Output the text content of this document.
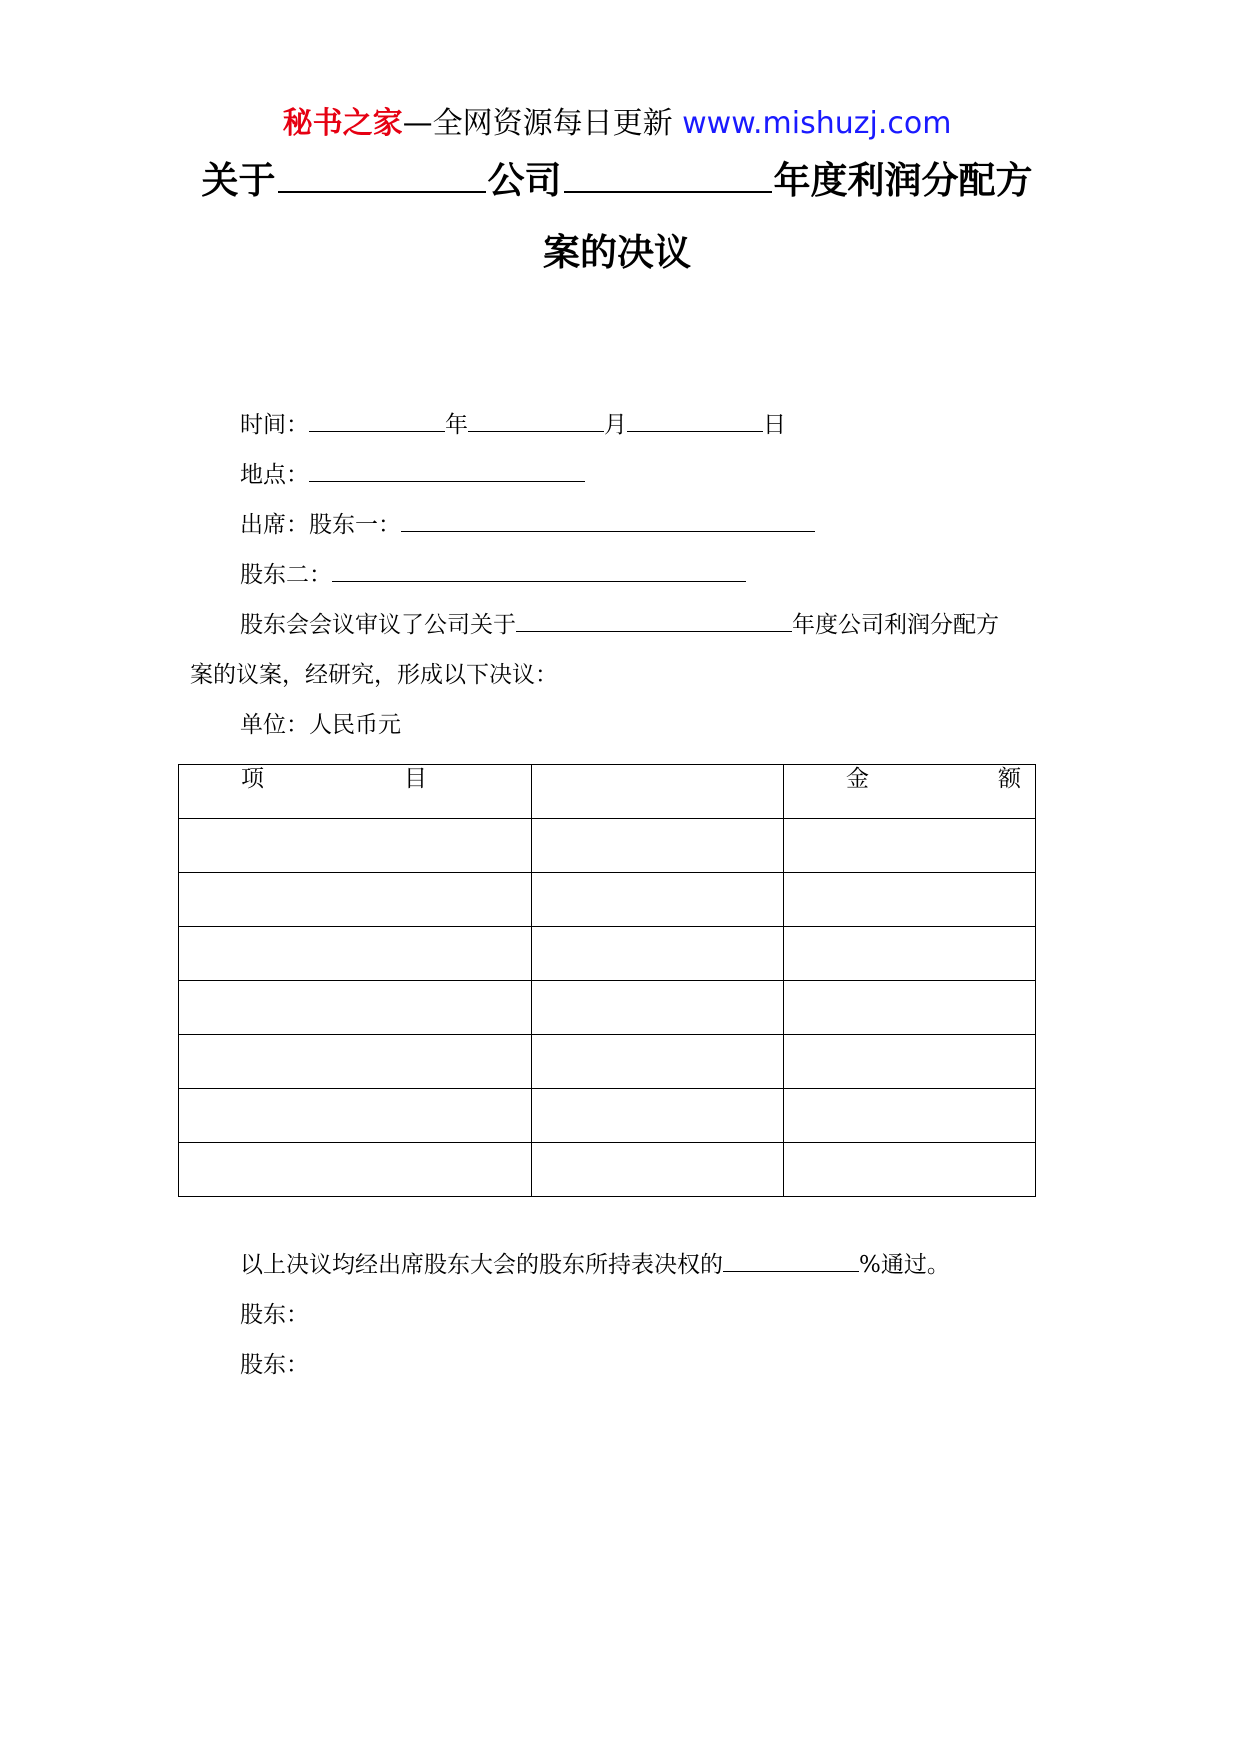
秘书之家—全网资源每日更新 www.mishuzj.com
关于	公司	年度利润分配方
案的决议
时间：	年	月	日
地点：
出席：股东一：
股东二：
股东会会议审议了公司关于	年度公司利润分配方
案的议案，经研究，形成以下决议：
单位：人民币元
项 目		金 额

以上决议均经出席股东大会的股东所持表决权的	%通过。
股东：
股东：
